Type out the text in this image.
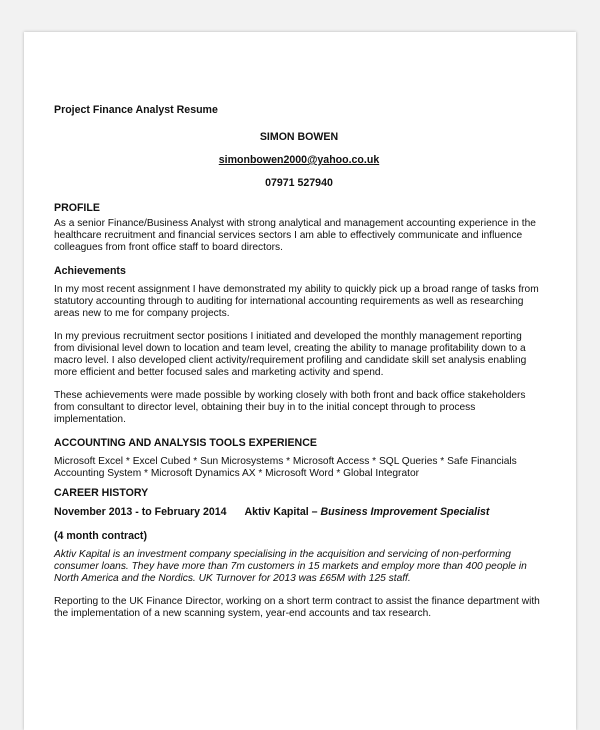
Project Finance Analyst Resume
SIMON BOWEN
simonbowen2000@yahoo.co.uk
07971 527940
PROFILE

As a senior Finance/Business Analyst with strong analytical and management accounting experience in the healthcare recruitment and financial services sectors I am able to effectively communicate and influence colleagues from front office staff to board directors.

Achievements

In my most recent assignment I have demonstrated my ability to quickly pick up a broad range of tasks from statutory accounting through to auditing for international accounting requirements as well as researching areas new to me for company projects.

In my previous recruitment sector positions I initiated and developed the monthly management reporting from divisional level down to location and team level, creating the ability to manage profitability down to a macro level. I also developed client activity/requirement profiling and candidate skill set analysis enabling more efficient and better focused sales and marketing activity and spend.

These achievements were made possible by working closely with both front and back office stakeholders from consultant to director level, obtaining their buy in to the initial concept through to process implementation.

ACCOUNTING AND ANALYSIS TOOLS EXPERIENCE

Microsoft Excel * Excel Cubed * Sun Microsystems * Microsoft Access * SQL Queries * Safe Financials Accounting System * Microsoft Dynamics AX * Microsoft Word * Global Integrator

CAREER HISTORY
November 2013 - to February 2014 Aktiv Kapital – Business Improvement Specialist
(4 month contract)

Aktiv Kapital is an investment company specialising in the acquisition and servicing of non-performing consumer loans. They have more than 7m customers in 15 markets and employ more than 400 people in North America and the Nordics. UK Turnover for 2013 was £65M with 125 staff.

Reporting to the UK Finance Director, working on a short term contract to assist the finance department with the implementation of a new scanning system, year-end accounts and tax research.
